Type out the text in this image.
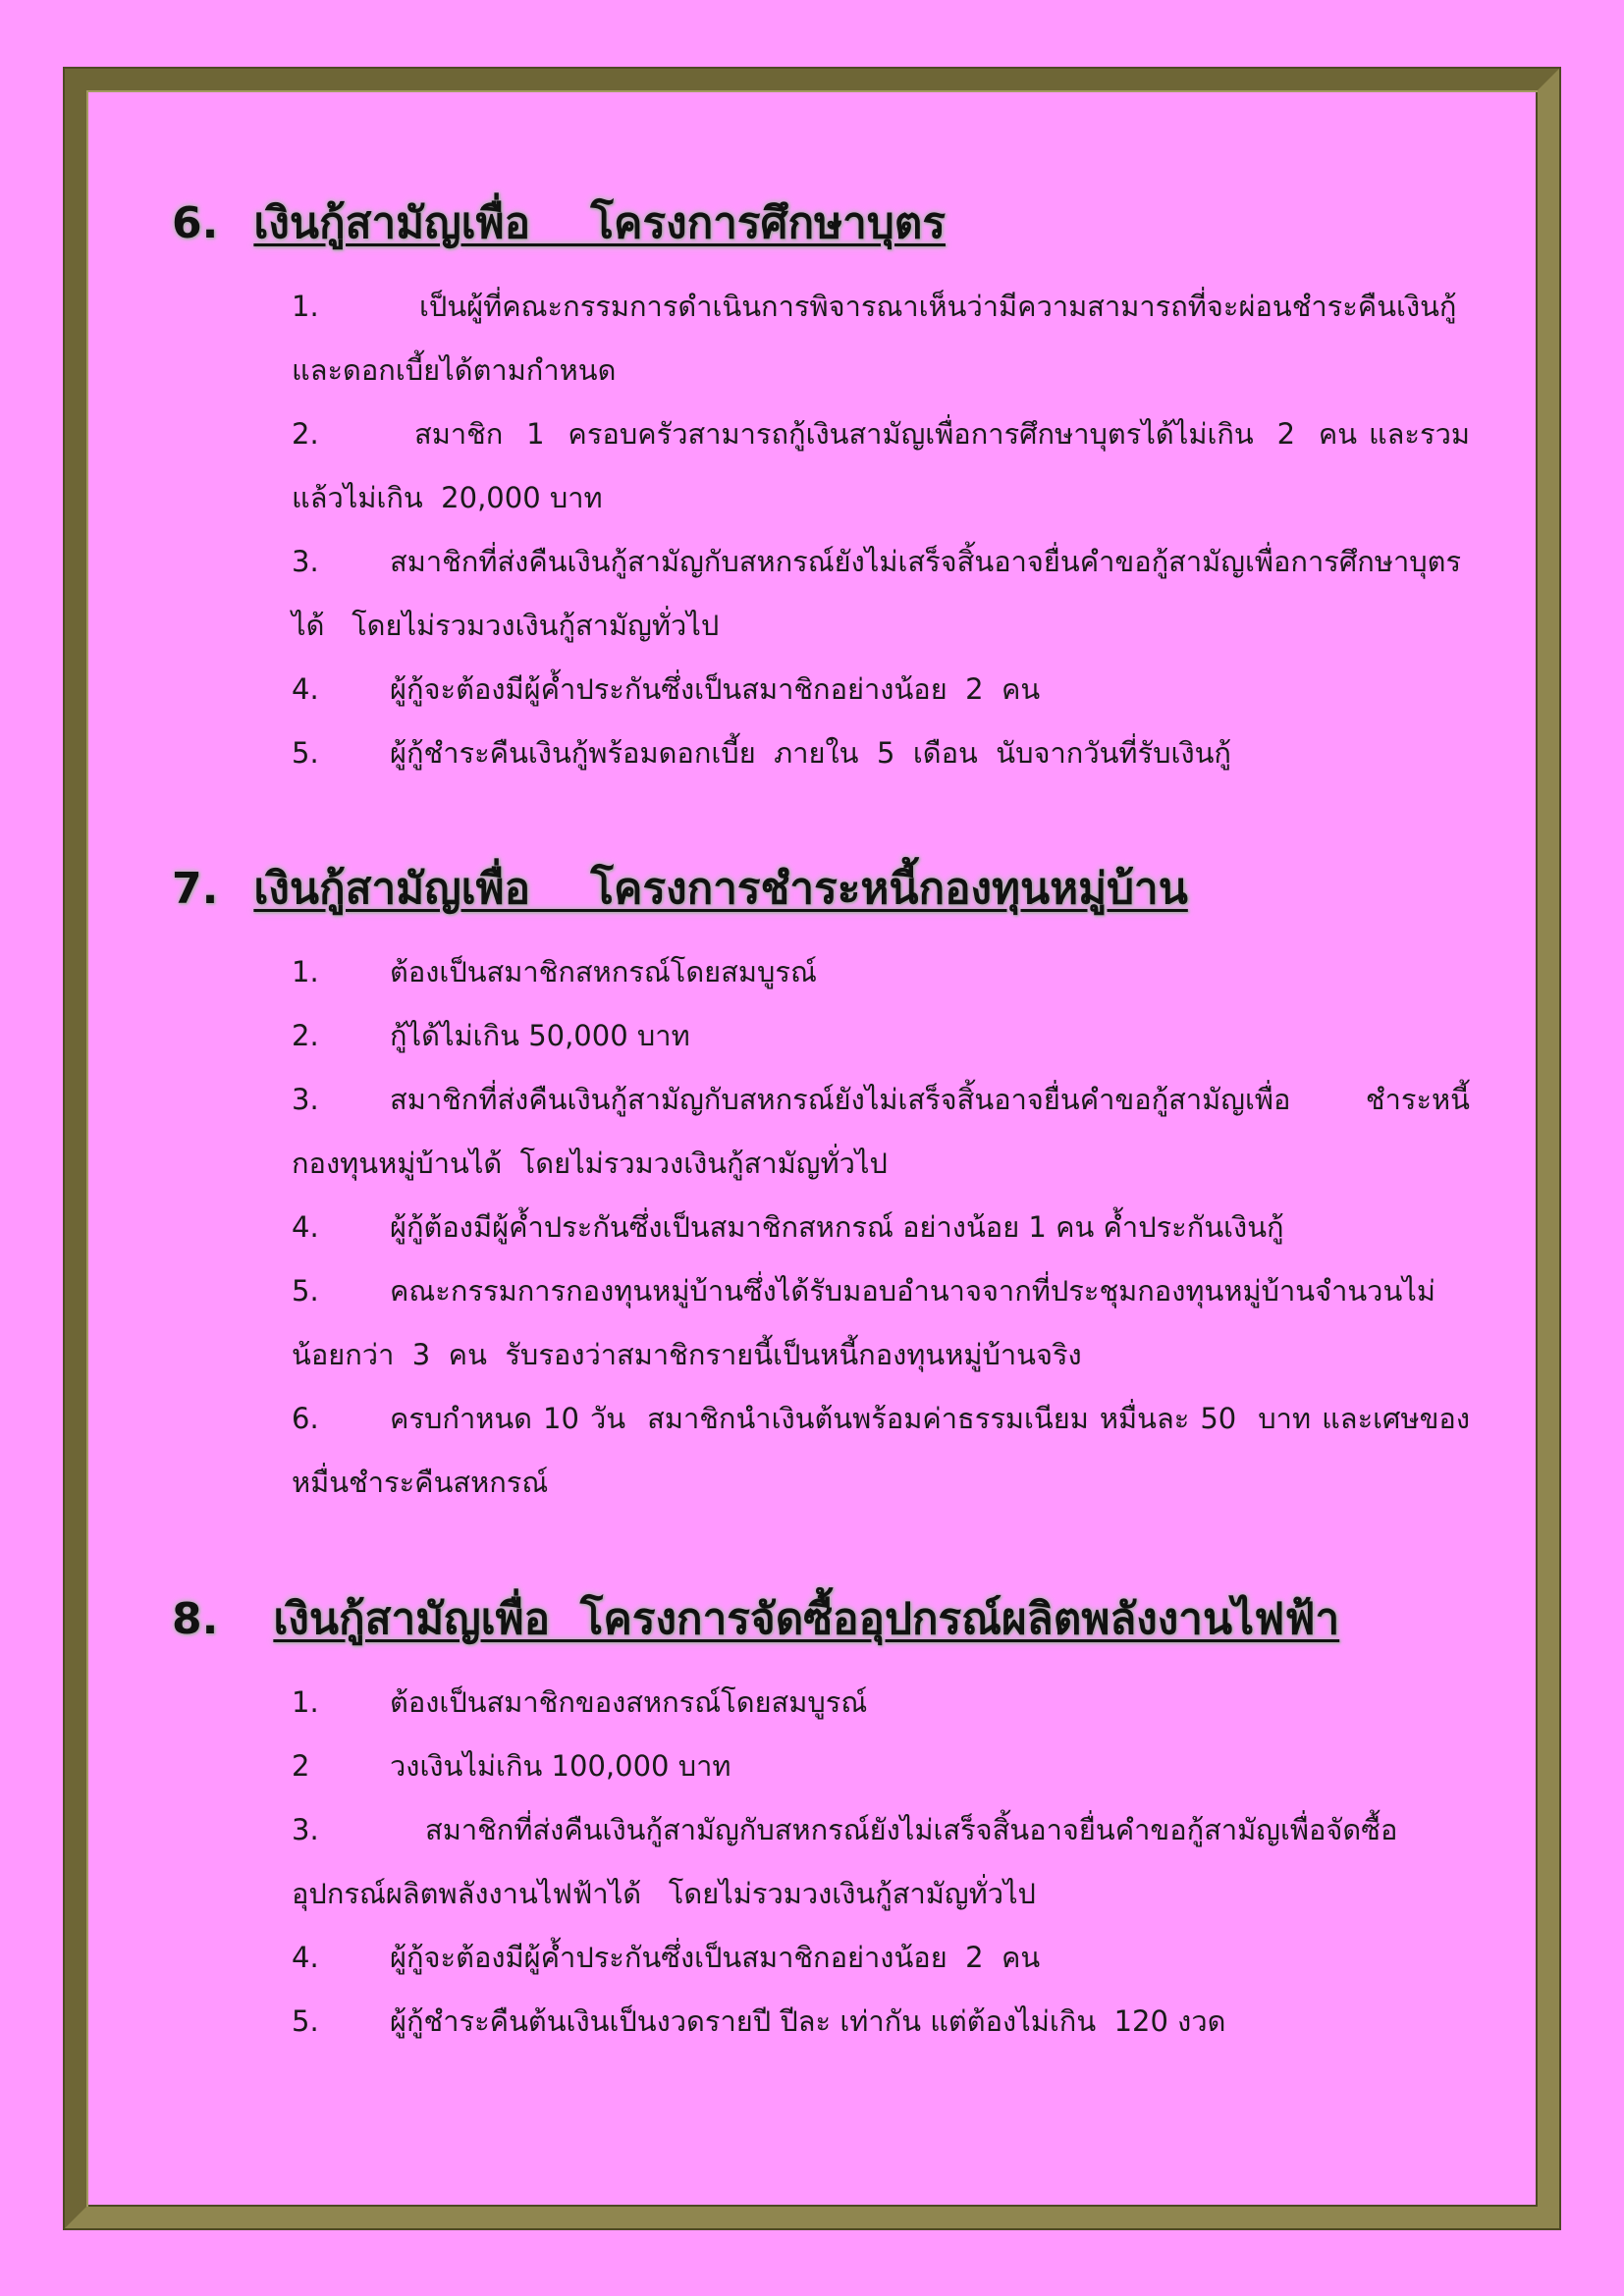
6. เงินกู้สามัญเพื่อ    โครงการศึกษาบุตร

1.	เป็นผู้ที่คณะกรรมการดำเนินการพิจารณาเห็นว่ามีความสามารถที่จะผ่อนชำระคืนเงินกู้และดอกเบี้ยได้ตามกำหนด

2.	สมาชิก  1  ครอบครัวสามารถกู้เงินสามัญเพื่อการศึกษาบุตรได้ไม่เกิน  2  คน และรวมแล้วไม่เกิน  20,000 บาท

3. สมาชิกที่ส่งคืนเงินกู้สามัญกับสหกรณ์ยังไม่เสร็จสิ้นอาจยื่นคำขอกู้สามัญเพื่อการศึกษาบุตรได้   โดยไม่รวมวงเงินกู้สามัญทั่วไป

4. ผู้กู้จะต้องมีผู้ค้ำประกันซึ่งเป็นสมาชิกอย่างน้อย  2  คน

5. ผู้กู้ชำระคืนเงินกู้พร้อมดอกเบี้ย  ภายใน  5  เดือน  นับจากวันที่รับเงินกู้

7. เงินกู้สามัญเพื่อ    โครงการชำระหนี้กองทุนหมู่บ้าน

1. ต้องเป็นสมาชิกสหกรณ์โดยสมบูรณ์

2. กู้ได้ไม่เกิน 50,000 บาท

3. สมาชิกที่ส่งคืนเงินกู้สามัญกับสหกรณ์ยังไม่เสร็จสิ้นอาจยื่นคำขอกู้สามัญเพื่อ  ชำระหนี้ กองทุนหมู่บ้านได้  โดยไม่รวมวงเงินกู้สามัญทั่วไป

4. ผู้กู้ต้องมีผู้ค้ำประกันซึ่งเป็นสมาชิกสหกรณ์ อย่างน้อย 1 คน ค้ำประกันเงินกู้

5. คณะกรรมการกองทุนหมู่บ้านซึ่งได้รับมอบอำนาจจากที่ประชุมกองทุนหมู่บ้านจำนวนไม่น้อยกว่า  3  คน  รับรองว่าสมาชิกรายนี้เป็นหนี้กองทุนหมู่บ้านจริง

6. ครบกำหนด 10 วัน  สมาชิกนำเงินต้นพร้อมค่าธรรมเนียม หมื่นละ 50  บาท และเศษของหมื่นชำระคืนสหกรณ์

8. เงินกู้สามัญเพื่อ  โครงการจัดซื้ออุปกรณ์ผลิตพลังงานไฟฟ้า

1. ต้องเป็นสมาชิกของสหกรณ์โดยสมบูรณ์

2	วงเงินไม่เกิน 100,000 บาท

3.	สมาชิกที่ส่งคืนเงินกู้สามัญกับสหกรณ์ยังไม่เสร็จสิ้นอาจยื่นคำขอกู้สามัญเพื่อจัดซื้ออุปกรณ์ผลิตพลังงานไฟฟ้าได้   โดยไม่รวมวงเงินกู้สามัญทั่วไป

4. ผู้กู้จะต้องมีผู้ค้ำประกันซึ่งเป็นสมาชิกอย่างน้อย  2  คน

5. ผู้กู้ชำระคืนต้นเงินเป็นงวดรายปี ปีละ เท่ากัน แต่ต้องไม่เกิน  120 งวด
